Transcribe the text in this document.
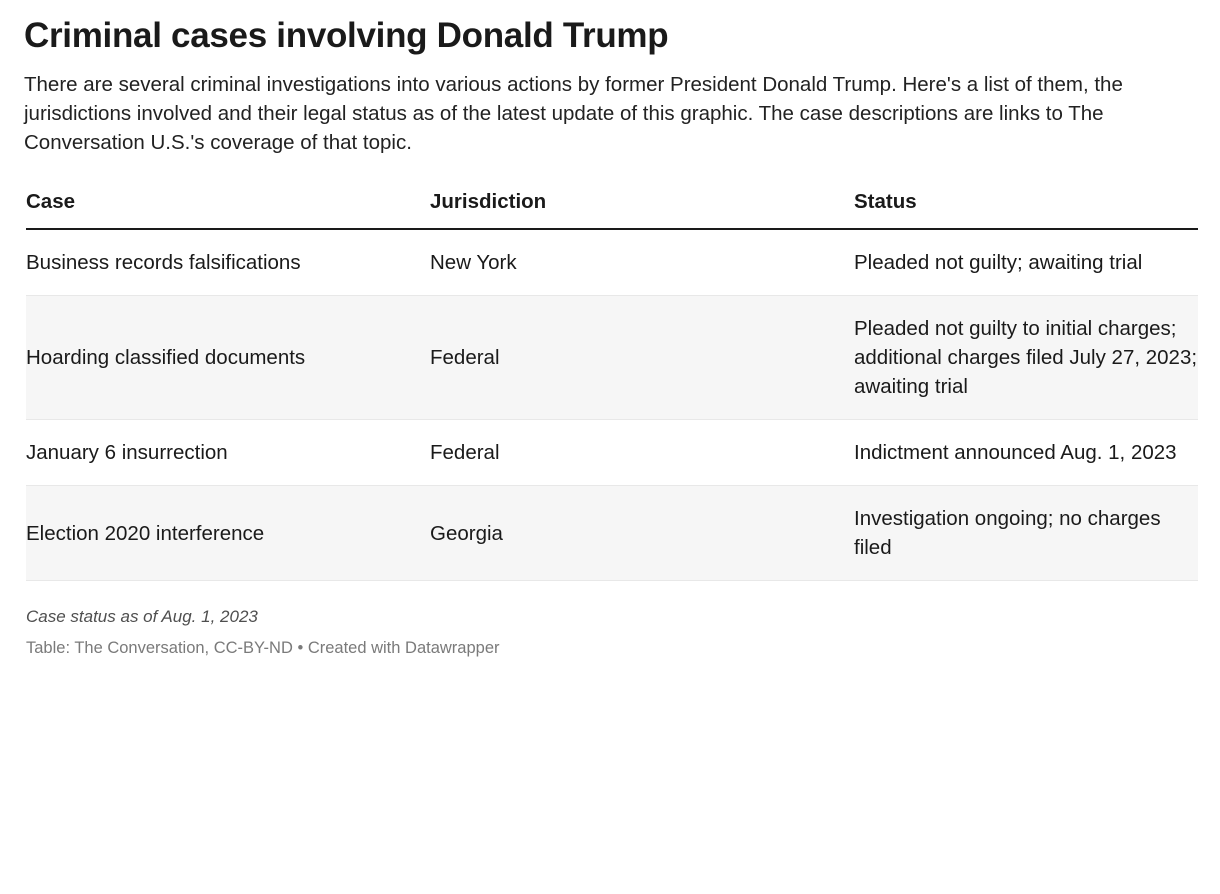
Criminal cases involving Donald Trump

There are several criminal investigations into various actions by former President Donald Trump. Here's a list of them, the jurisdictions involved and their legal status as of the latest update of this graphic. The case descriptions are links to The Conversation U.S.'s coverage of that topic.

Case	Jurisdiction	Status

Business records falsifications	New York	Pleaded not guilty; awaiting trial

Hoarding classified documents	Federal	Pleaded not guilty to initial charges; additional charges filed July 27, 2023; awaiting trial

January 6 insurrection	Federal	Indictment announced Aug. 1, 2023

Election 2020 interference	Georgia	Investigation ongoing; no charges filed
Case status as of Aug. 1, 2023
Table: The Conversation, CC-BY-ND • Created with Datawrapper
